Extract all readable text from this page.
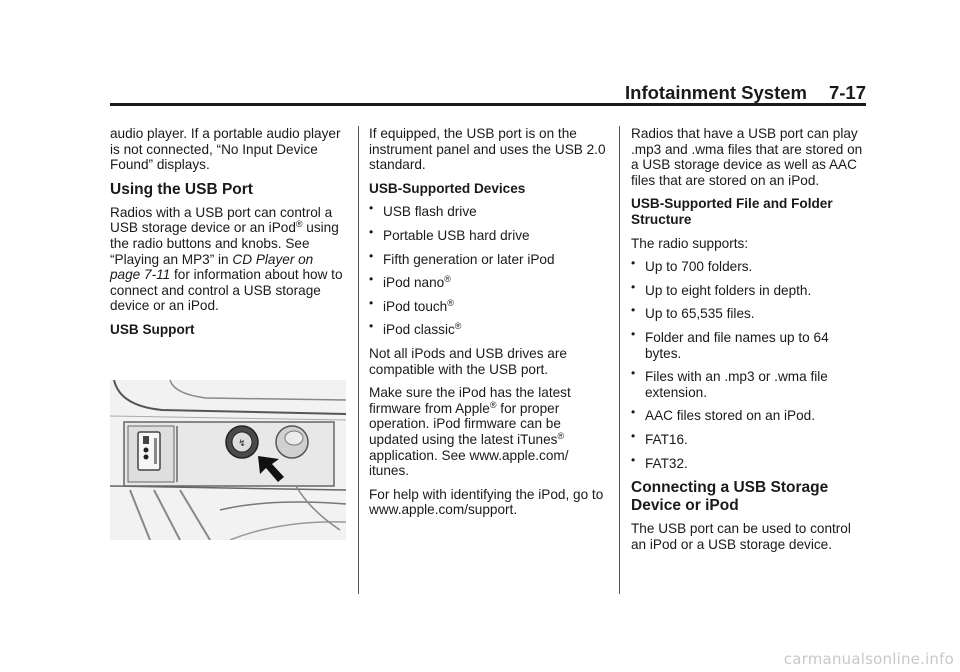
Infotainment System 7-17

audio player. If a portable audio player is not connected, “No Input Device Found” displays.

Using the USB Port

Radios with a USB port can control a USB storage device or an iPod® using the radio buttons and knobs. See “Playing an MP3” in CD Player on page 7-11 for information about how to connect and control a USB storage device or an iPod.

USB Support

↯

If equipped, the USB port is on the instrument panel and uses the USB 2.0 standard.

USB-Supported Devices

• USB flash drive
• Portable USB hard drive
• Fifth generation or later iPod
• iPod nano®
• iPod touch®
• iPod classic®

Not all iPods and USB drives are compatible with the USB port.

Make sure the iPod has the latest firmware from Apple® for proper operation. iPod firmware can be updated using the latest iTunes® application. See www.apple.com/ itunes.

For help with identifying the iPod, go to www.apple.com/support.

Radios that have a USB port can play .mp3 and .wma files that are stored on a USB storage device as well as AAC files that are stored on an iPod.

USB-Supported File and Folder Structure

The radio supports:

• Up to 700 folders.
• Up to eight folders in depth.
• Up to 65,535 files.
• Folder and file names up to 64 bytes.
• Files with an .mp3 or .wma file extension.
• AAC files stored on an iPod.
• FAT16.
• FAT32.
Connecting a USB Storage Device or iPod

The USB port can be used to control an iPod or a USB storage device.

carmanualsonline.info
